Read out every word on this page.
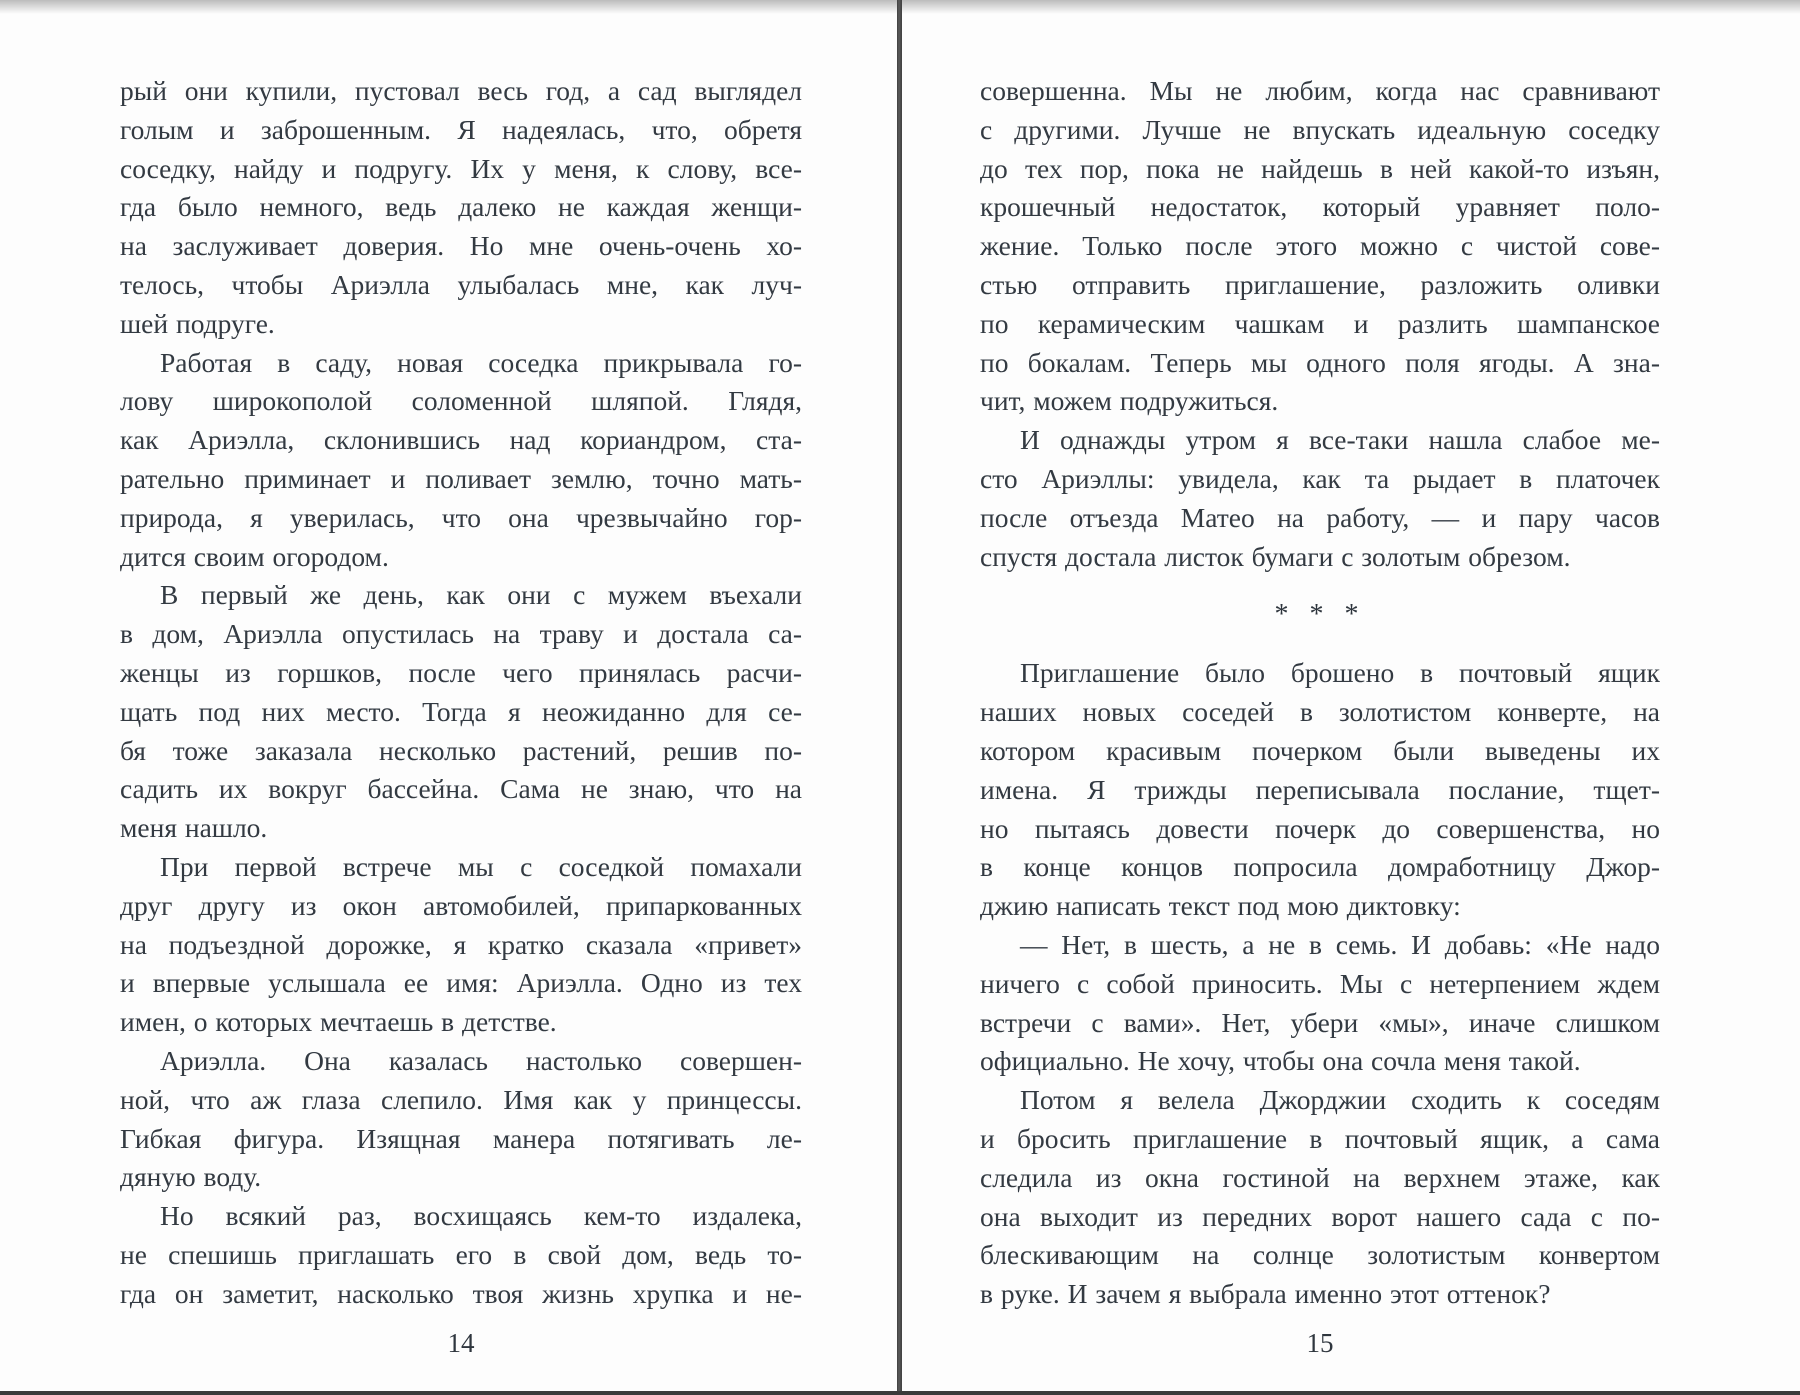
рый они купили, пустовал весь год, а сад выглядел
голым и заброшенным. Я надеялась, что, обретя
соседку, найду и подругу. Их у меня, к слову, все-
гда было немного, ведь далеко не каждая женщи-
на заслуживает доверия. Но мне очень-очень хо-
телось, чтобы Ариэлла улыбалась мне, как луч-
шей подруге.
Работая в саду, новая соседка прикрывала го-
лову широкополой соломенной шляпой. Глядя,
как Ариэлла, склонившись над кориандром, ста-
рательно приминает и поливает землю, точно мать-
природа, я уверилась, что она чрезвычайно гор-
дится своим огородом.
В первый же день, как они с мужем въехали
в дом, Ариэлла опустилась на траву и достала са-
женцы из горшков, после чего принялась расчи-
щать под них место. Тогда я неожиданно для се-
бя тоже заказала несколько растений, решив по-
садить их вокруг бассейна. Сама не знаю, что на
меня нашло.
При первой встрече мы с соседкой помахали
друг другу из окон автомобилей, припаркованных
на подъездной дорожке, я кратко сказала «привет»
и впервые услышала ее имя: Ариэлла. Одно из тех
имен, о которых мечтаешь в детстве.
Ариэлла. Она казалась настолько совершен-
ной, что аж глаза слепило. Имя как у принцессы.
Гибкая фигура. Изящная манера потягивать ле-
дяную воду.
Но всякий раз, восхищаясь кем-то издалека,
не спешишь приглашать его в свой дом, ведь то-
гда он заметит, насколько твоя жизнь хрупка и не-
14
совершенна. Мы не любим, когда нас сравнивают
с другими. Лучше не впускать идеальную соседку
до тех пор, пока не найдешь в ней какой-то изъян,
крошечный недостаток, который уравняет поло-
жение. Только после этого можно с чистой сове-
стью отправить приглашение, разложить оливки
по керамическим чашкам и разлить шампанское
по бокалам. Теперь мы одного поля ягоды. А зна-
чит, можем подружиться.
И однажды утром я все-таки нашла слабое ме-
сто Ариэллы: увидела, как та рыдает в платочек
после отъезда Матео на работу, — и пару часов
спустя достала листок бумаги с золотым обрезом.
* * *
Приглашение было брошено в почтовый ящик
наших новых соседей в золотистом конверте, на
котором красивым почерком были выведены их
имена. Я трижды переписывала послание, тщет-
но пытаясь довести почерк до совершенства, но
в конце концов попросила домработницу Джор-
джию написать текст под мою диктовку:
— Нет, в шесть, а не в семь. И добавь: «Не надо
ничего с собой приносить. Мы с нетерпением ждем
встречи с вами». Нет, убери «мы», иначе слишком
официально. Не хочу, чтобы она сочла меня такой.
Потом я велела Джорджии сходить к соседям
и бросить приглашение в почтовый ящик, а сама
следила из окна гостиной на верхнем этаже, как
она выходит из передних ворот нашего сада с по-
блескивающим на солнце золотистым конвертом
в руке. И зачем я выбрала именно этот оттенок?
15
